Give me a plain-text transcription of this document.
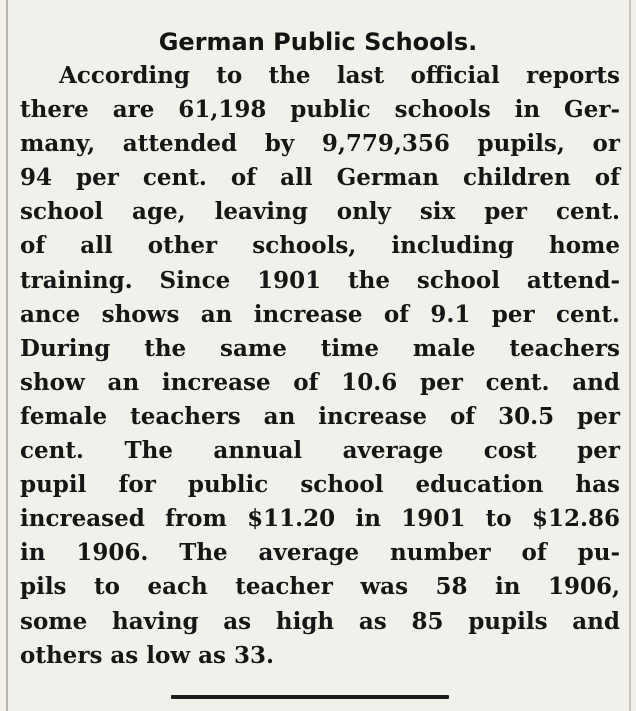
German Public Schools.
According to the last official reports
there are 61,198 public schools in Ger-
many, attended by 9,779,356 pupils, or
94 per cent. of all German children of
school age, leaving only six per cent.
of all other schools, including home
training. Since 1901 the school attend-
ance shows an increase of 9.1 per cent.
During the same time male teachers
show an increase of 10.6 per cent. and
female teachers an increase of 30.5 per
cent. The annual average cost per
pupil for public school education has
increased from $11.20 in 1901 to $12.86
in 1906. The average number of pu-
pils to each teacher was 58 in 1906,
some having as high as 85 pupils and
others as low as 33.
